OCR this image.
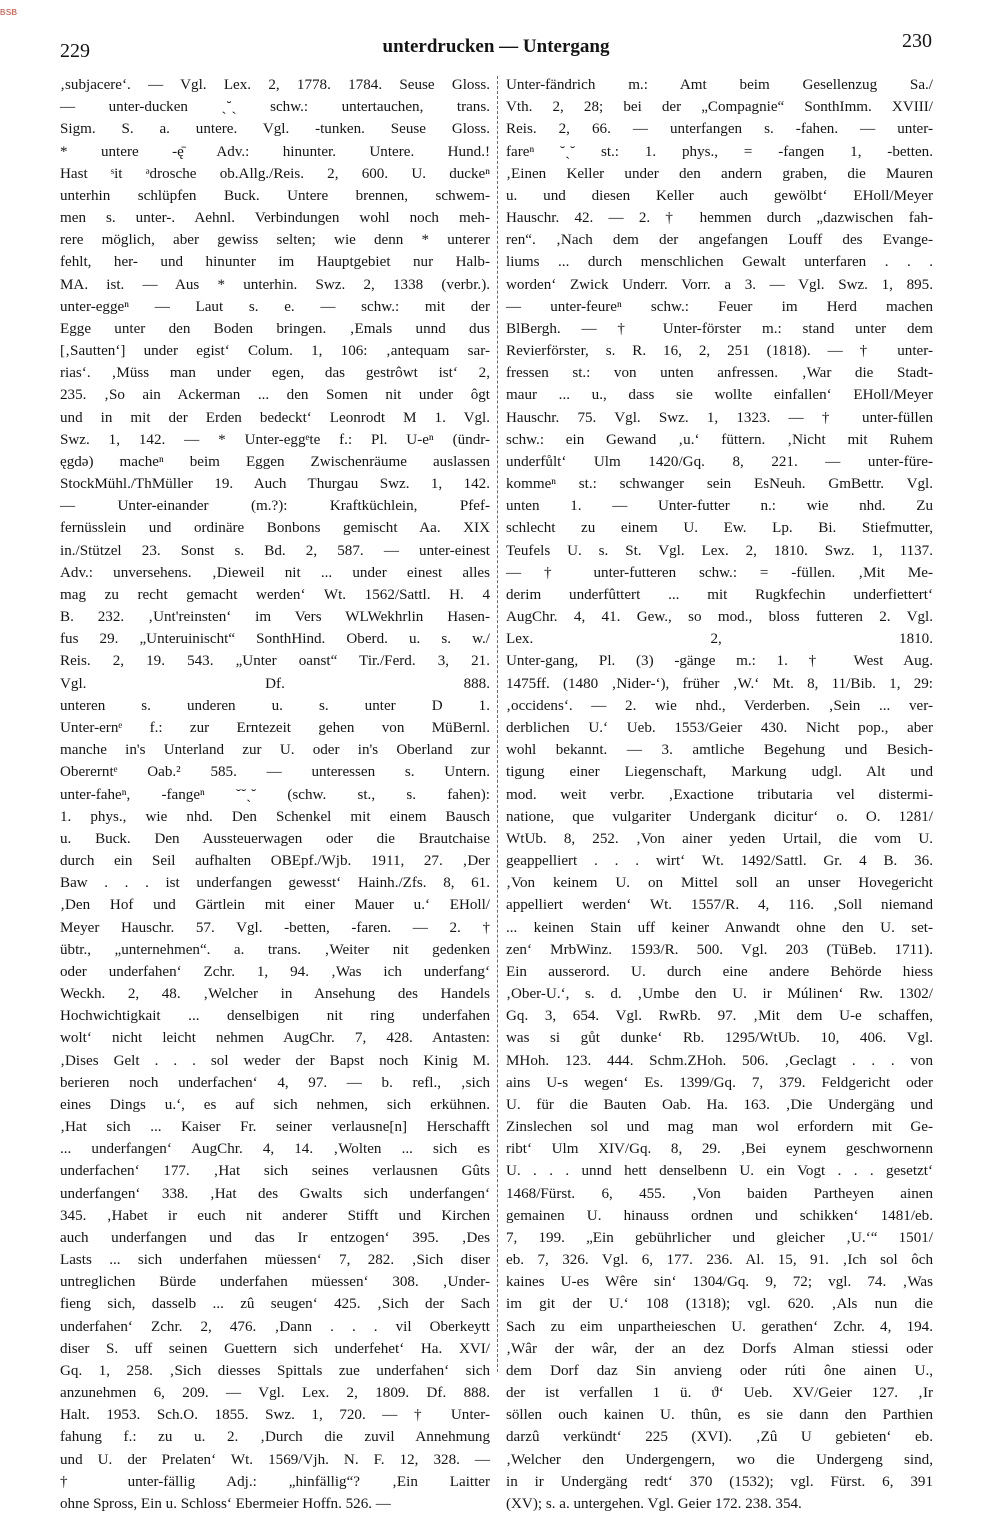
BSB
229	unterdrucken — Untergang	230
‚subjacere‘. — Vgl. Lex. 2, 1778. 1784. Seuse Gloss.
— unter-ducken ˏ˘ˏ schw.: untertauchen, trans.
Sigm. S. a. untere. Vgl. -tunken. Seuse Gloss.
* untere -ę̄ Adv.: hinunter. Untere. Hund.!
Hast ˢit ᵊdrosche ob.Allg./Reis. 2, 600. U. duckeⁿ
unterhin schlüpfen Buck. Untere brennen, schwem-
men s. unter-. Aehnl. Verbindungen wohl noch meh-
rere möglich, aber gewiss selten; wie denn * unterer
fehlt, her- und hinunter im Hauptgebiet nur Halb-
MA. ist. — Aus * unterhin. Swz. 2, 1338 (verbr.).
unter-eggeⁿ — Laut s. e. — schw.: mit der
Egge unter den Boden bringen. ‚Emals unnd dus
[‚Sautten‘] under egist‘ Colum. 1, 106: ‚antequam sar-
rias‘. ‚Müss man under egen, das gestrôwt ist‘ 2,
235. ‚So ain Ackerman ... den Somen nit under ôgt
und in mit der Erden bedeckt‘ Leonrodt M 1. Vgl.
Swz. 1, 142. — * Unter-eggᵉte f.: Pl. U-eⁿ (ündr-
ęgdə) macheⁿ beim Eggen Zwischenräume auslassen
StockMühl./ThMüller 19. Auch Thurgau Swz. 1, 142.
— Unter-einander (m.?): Kraftküchlein, Pfef-
fernüsslein und ordinäre Bonbons gemischt Aa. XIX
in./Stützel 23. Sonst s. Bd. 2, 587. — unter-einest
Adv.: unversehens. ‚Dieweil nit ... under einest alles
mag zu recht gemacht werden‘ Wt. 1562/Sattl. H. 4
B. 232. ‚Unt'reinsten‘ im Vers WLWekhrlin Hasen-
fus 29. „Unteruinischt“ SonthHind. Oberd. u. s. w./
Reis. 2, 19. 543. „Unter oanst“ Tir./Ferd. 3, 21.
Vgl. Df. 888.
unteren s. underen u. s. unter D 1.
Unter-ernᵉ f.: zur Erntezeit gehen von MüBernl.
manche in's Unterland zur U. oder in's Oberland zur
Obererntᵉ Oab.² 585. — unteressen s. Untern.
unter-faheⁿ, -fangeⁿ ˘˘ˏ˘ (schw. st., s. fahen):
1. phys., wie nhd. Den Schenkel mit einem Bausch
u. Buck. Den Aussteuerwagen oder die Brautchaise
durch ein Seil aufhalten OBEpf./Wjb. 1911, 27. ‚Der
Baw . . . ist underfangen gewesst‘ Hainh./Zfs. 8, 61.
‚Den Hof und Gärtlein mit einer Mauer u.‘ EHoll/
Meyer Hauschr. 57. Vgl. -betten, -faren. — 2. †
übtr., „unternehmen“. a. trans. ‚Weiter nit gedenken
oder underfahen‘ Zchr. 1, 94. ‚Was ich underfang‘
Weckh. 2, 48. ‚Welcher in Ansehung des Handels
Hochwichtigkait ... denselbigen nit ring underfahen
wolt‘ nicht leicht nehmen AugChr. 7, 428. Antasten:
‚Dises Gelt . . . sol weder der Bapst noch Kinig M.
berieren noch underfachen‘ 4, 97. — b. refl., ‚sich
eines Dings u.‘, es auf sich nehmen, sich erkühnen.
‚Hat sich ... Kaiser Fr. seiner verlausne[n] Herschafft
... underfangen‘ AugChr. 4, 14. ‚Wolten ... sich es
underfachen‘ 177. ‚Hat sich seines verlausnen Gûts
underfangen‘ 338. ‚Hat des Gwalts sich underfangen‘
345. ‚Habet ir euch nit anderer Stifft und Kirchen
auch underfangen und das Ir entzogen‘ 395. ‚Des
Lasts ... sich underfahen müessen‘ 7, 282. ‚Sich diser
untreglichen Bürde underfahen müessen‘ 308. ‚Under-
fieng sich, dasselb ... zû seugen‘ 425. ‚Sich der Sach
underfahen‘ Zchr. 2, 476. ‚Dann . . . vil Oberkeytt
diser S. uff seinen Guettern sich underfehet‘ Ha. XVI/
Gq. 1, 258. ‚Sich diesses Spittals zue underfahen‘ sich
anzunehmen 6, 209. — Vgl. Lex. 2, 1809. Df. 888.
Halt. 1953. Sch.O. 1855. Swz. 1, 720. — † Unter-
fahung f.: zu u. 2. ‚Durch die zuvil Annehmung
und U. der Prelaten‘ Wt. 1569/Vjh. N. F. 12, 328. —
† unter-fällig Adj.: „hinfällig“? ‚Ein Laitter
ohne Spross, Ein u. Schloss‘ Ebermeier Hoffn. 526. —
Unter-fändrich m.: Amt beim Gesellenzug Sa./
Vth. 2, 28; bei der „Compagnie“ SonthImm. XVIII/
Reis. 2, 66. — unterfangen s. -fahen. — unter-
fareⁿ ˘ˏ˘ st.: 1. phys., = -fangen 1, -betten.
‚Einen Keller under den andern graben, die Mauren
u. und diesen Keller auch gewölbt‘ EHoll/Meyer
Hauschr. 42. — 2. † hemmen durch „dazwischen fah-
ren“. ‚Nach dem der angefangen Louff des Evange-
liums ... durch menschlichen Gewalt unterfaren . . .
worden‘ Zwick Underr. Vorr. a 3. — Vgl. Swz. 1, 895.
— unter-feureⁿ schw.: Feuer im Herd machen
BlBergh. — † Unter-förster m.: stand unter dem
Revierförster, s. R. 16, 2, 251 (1818). — † unter-
fressen st.: von unten anfressen. ‚War die Stadt-
maur ... u., dass sie wollte einfallen‘ EHoll/Meyer
Hauschr. 75. Vgl. Swz. 1, 1323. — † unter-füllen
schw.: ein Gewand ‚u.‘ füttern. ‚Nicht mit Ruhem
underfůlt‘ Ulm 1420/Gq. 8, 221. — unter-füre-
kommeⁿ st.: schwanger sein EsNeuh. GmBettr. Vgl.
unten 1. — Unter-futter n.: wie nhd. Zu
schlecht zu einem U. Ew. Lp. Bi. Stiefmutter,
Teufels U. s. St. Vgl. Lex. 2, 1810. Swz. 1, 1137.
— † unter-futteren schw.: = -füllen. ‚Mit Me-
derim underfûttert ... mit Rugkfechin underfiettert‘
AugChr. 4, 41. Gew., so mod., bloss futteren 2. Vgl.
Lex. 2, 1810.
Unter-gang, Pl. (3) -gänge m.: 1. † West Aug.
1475ff. (1480 ‚Nider-‘), früher ‚W.‘ Mt. 8, 11/Bib. 1, 29:
‚occidens‘. — 2. wie nhd., Verderben. ‚Sein ... ver-
derblichen U.‘ Ueb. 1553/Geier 430. Nicht pop., aber
wohl bekannt. — 3. amtliche Begehung und Besich-
tigung einer Liegenschaft, Markung udgl. Alt und
mod. weit verbr. ‚Exactione tributaria vel distermi-
natione, que vulgariter Undergank dicitur‘ o. O. 1281/
WtUb. 8, 252. ‚Von ainer yeden Urtail, die vom U.
geappelliert . . . wirt‘ Wt. 1492/Sattl. Gr. 4 B. 36.
‚Von keinem U. on Mittel soll an unser Hovegericht
appelliert werden‘ Wt. 1557/R. 4, 116. ‚Soll niemand
... keinen Stain uff keiner Anwandt ohne den U. set-
zen‘ MrbWinz. 1593/R. 500. Vgl. 203 (TüBeb. 1711).
Ein ausserord. U. durch eine andere Behörde hiess
‚Ober-U.‘, s. d. ‚Umbe den U. ir Múlinen‘ Rw. 1302/
Gq. 3, 654. Vgl. RwRb. 97. ‚Mit dem U-e schaffen,
was si gůt dunke‘ Rb. 1295/WtUb. 10, 406. Vgl.
MHoh. 123. 444. Schm.ZHoh. 506. ‚Geclagt . . . von
ains U-s wegen‘ Es. 1399/Gq. 7, 379. Feldgericht oder
U. für die Bauten Oab. Ha. 163. ‚Die Undergäng und
Zinslechen sol und mag man wol erfordern mit Ge-
ribt‘ Ulm XIV/Gq. 8, 29. ‚Bei eynem geschwornenn
U. . . . unnd hett denselbenn U. ein Vogt . . . gesetzt‘
1468/Fürst. 6, 455. ‚Von baiden Partheyen ainen
gemainen U. hinauss ordnen und schikken‘ 1481/eb.
7, 199. „Ein gebührlicher und gleicher ‚U.‘“ 1501/
eb. 7, 326. Vgl. 6, 177. 236. Al. 15, 91. ‚Ich sol ôch
kaines U-es Wêre sin‘ 1304/Gq. 9, 72; vgl. 74. ‚Was
im git der U.‘ 108 (1318); vgl. 620. ‚Als nun die
Sach zu eim unpartheieschen U. gerathen‘ Zchr. 4, 194.
‚Wâr der wâr, der an dez Dorfs Alman stiessi oder
dem Dorf daz Sin anvieng oder rúti ône ainen U.,
der ist verfallen 1 ü. ϑ‘ Ueb. XV/Geier 127. ‚Ir
söllen ouch kainen U. thûn, es sie dann den Parthien
darzû verkündt‘ 225 (XVI). ‚Zû U gebieten‘ eb.
‚Welcher den Undergengern, wo die Undergeng sind,
in ir Undergäng redt‘ 370 (1532); vgl. Fürst. 6, 391
(XV); s. a. untergehen. Vgl. Geier 172. 238. 354.
